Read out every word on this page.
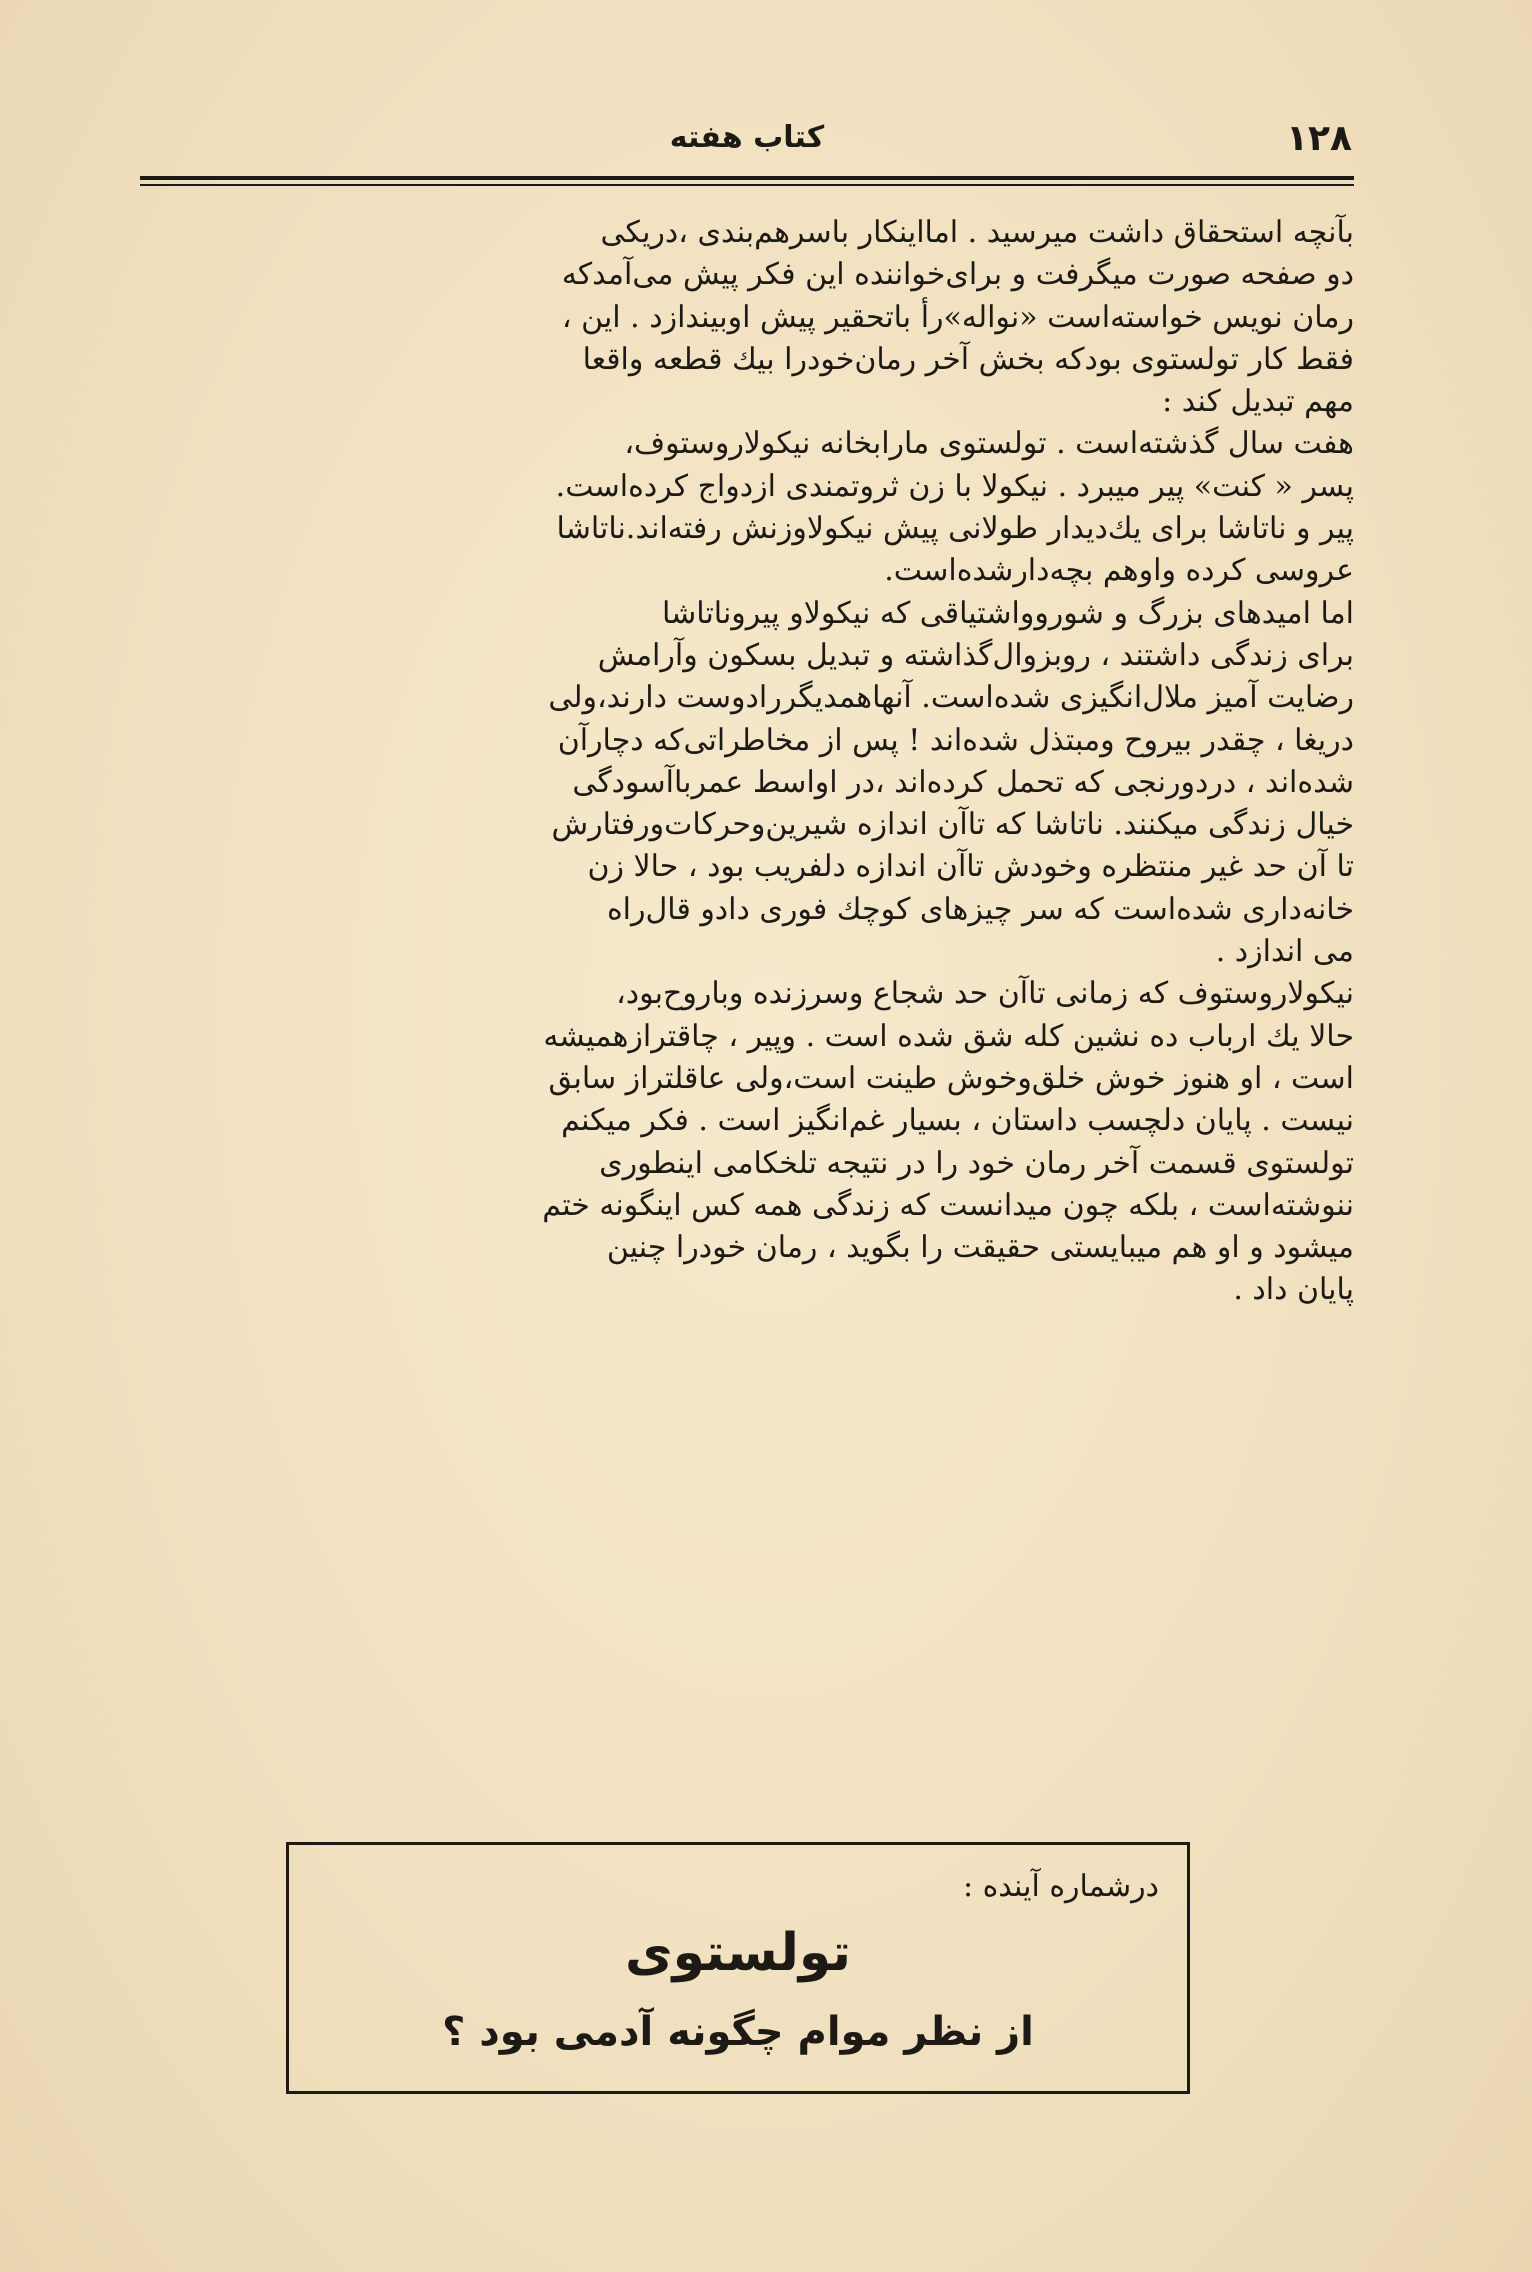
۱۲۸
کتاب هفته
بآنچه استحقاق داشت میرسید . امااینکار باسرهم‌بندی ،دریکی
دو صفحه صورت میگرفت و برای‌خواننده این فکر پیش می‌آمدکه
رمان نویس خواسته‌است «نواله»رأ باتحقیر پیش اوبیندازد . این ،
فقط کار تولستوی بودکه بخش آخر رمان‌خودرا بیك قطعه واقعا
مهم تبدیل کند :
هفت سال گذشته‌است . تولستوی مارابخانه نیکولاروستوف،
پسر « کنت» پیر میبرد . نیکولا با زن ثروتمندی ازدواج کرده‌است.
پیر و ناتاشا برای یك‌دیدار طولانی پیش نیکولاوزنش رفته‌اند.ناتاشا
عروسی کرده واوهم بچه‌دارشده‌است.
اما امیدهای بزرگ و شوروواشتیاقی که نیکولاو پیروناتاشا
برای زندگی داشتند ، روبزوال‌گذاشته و تبدیل بسکون وآرامش
رضایت آمیز ملال‌انگیزی شده‌است. آنهاهمدیگررادوست دارند،ولی
دریغا ، چقدر بیروح ومبتذل شده‌اند ! پس از مخاطراتی‌که دچارآن
شده‌اند ، دردورنجی که تحمل کرده‌اند ،در اواسط عمرباآسودگی
خیال زندگی میکنند. ناتاشا که تاآن اندازه شیرین‌وحرکات‌ورفتارش
تا آن حد غیر منتظره وخودش تاآن اندازه دلفریب بود ، حالا زن
خانه‌داری شده‌است که سر چیزهای کوچك فوری دادو قال‌راه
می اندازد .
نیکولاروستوف که زمانی تاآن حد شجاع وسرزنده وباروح‌بود،
حالا یك ارباب ده نشین کله شق شده است . وپیر ، چاقترازهمیشه
است ، او هنوز خوش خلق‌وخوش طینت است،ولی عاقلتراز سابق
نیست . پایان دلچسب داستان ، بسیار غم‌انگیز است . فکر میکنم
تولستوی قسمت آخر رمان خود را در نتیجه تلخکامی اینطوری
ننوشته‌است ، بلکه چون میدانست که زندگی همه کس اینگونه ختم
میشود و او هم میبایستی حقیقت را بگوید ، رمان خودرا چنین
پایان داد .
درشماره آینده :
تولستوی
از نظر موام چگونه آدمی بود ؟
